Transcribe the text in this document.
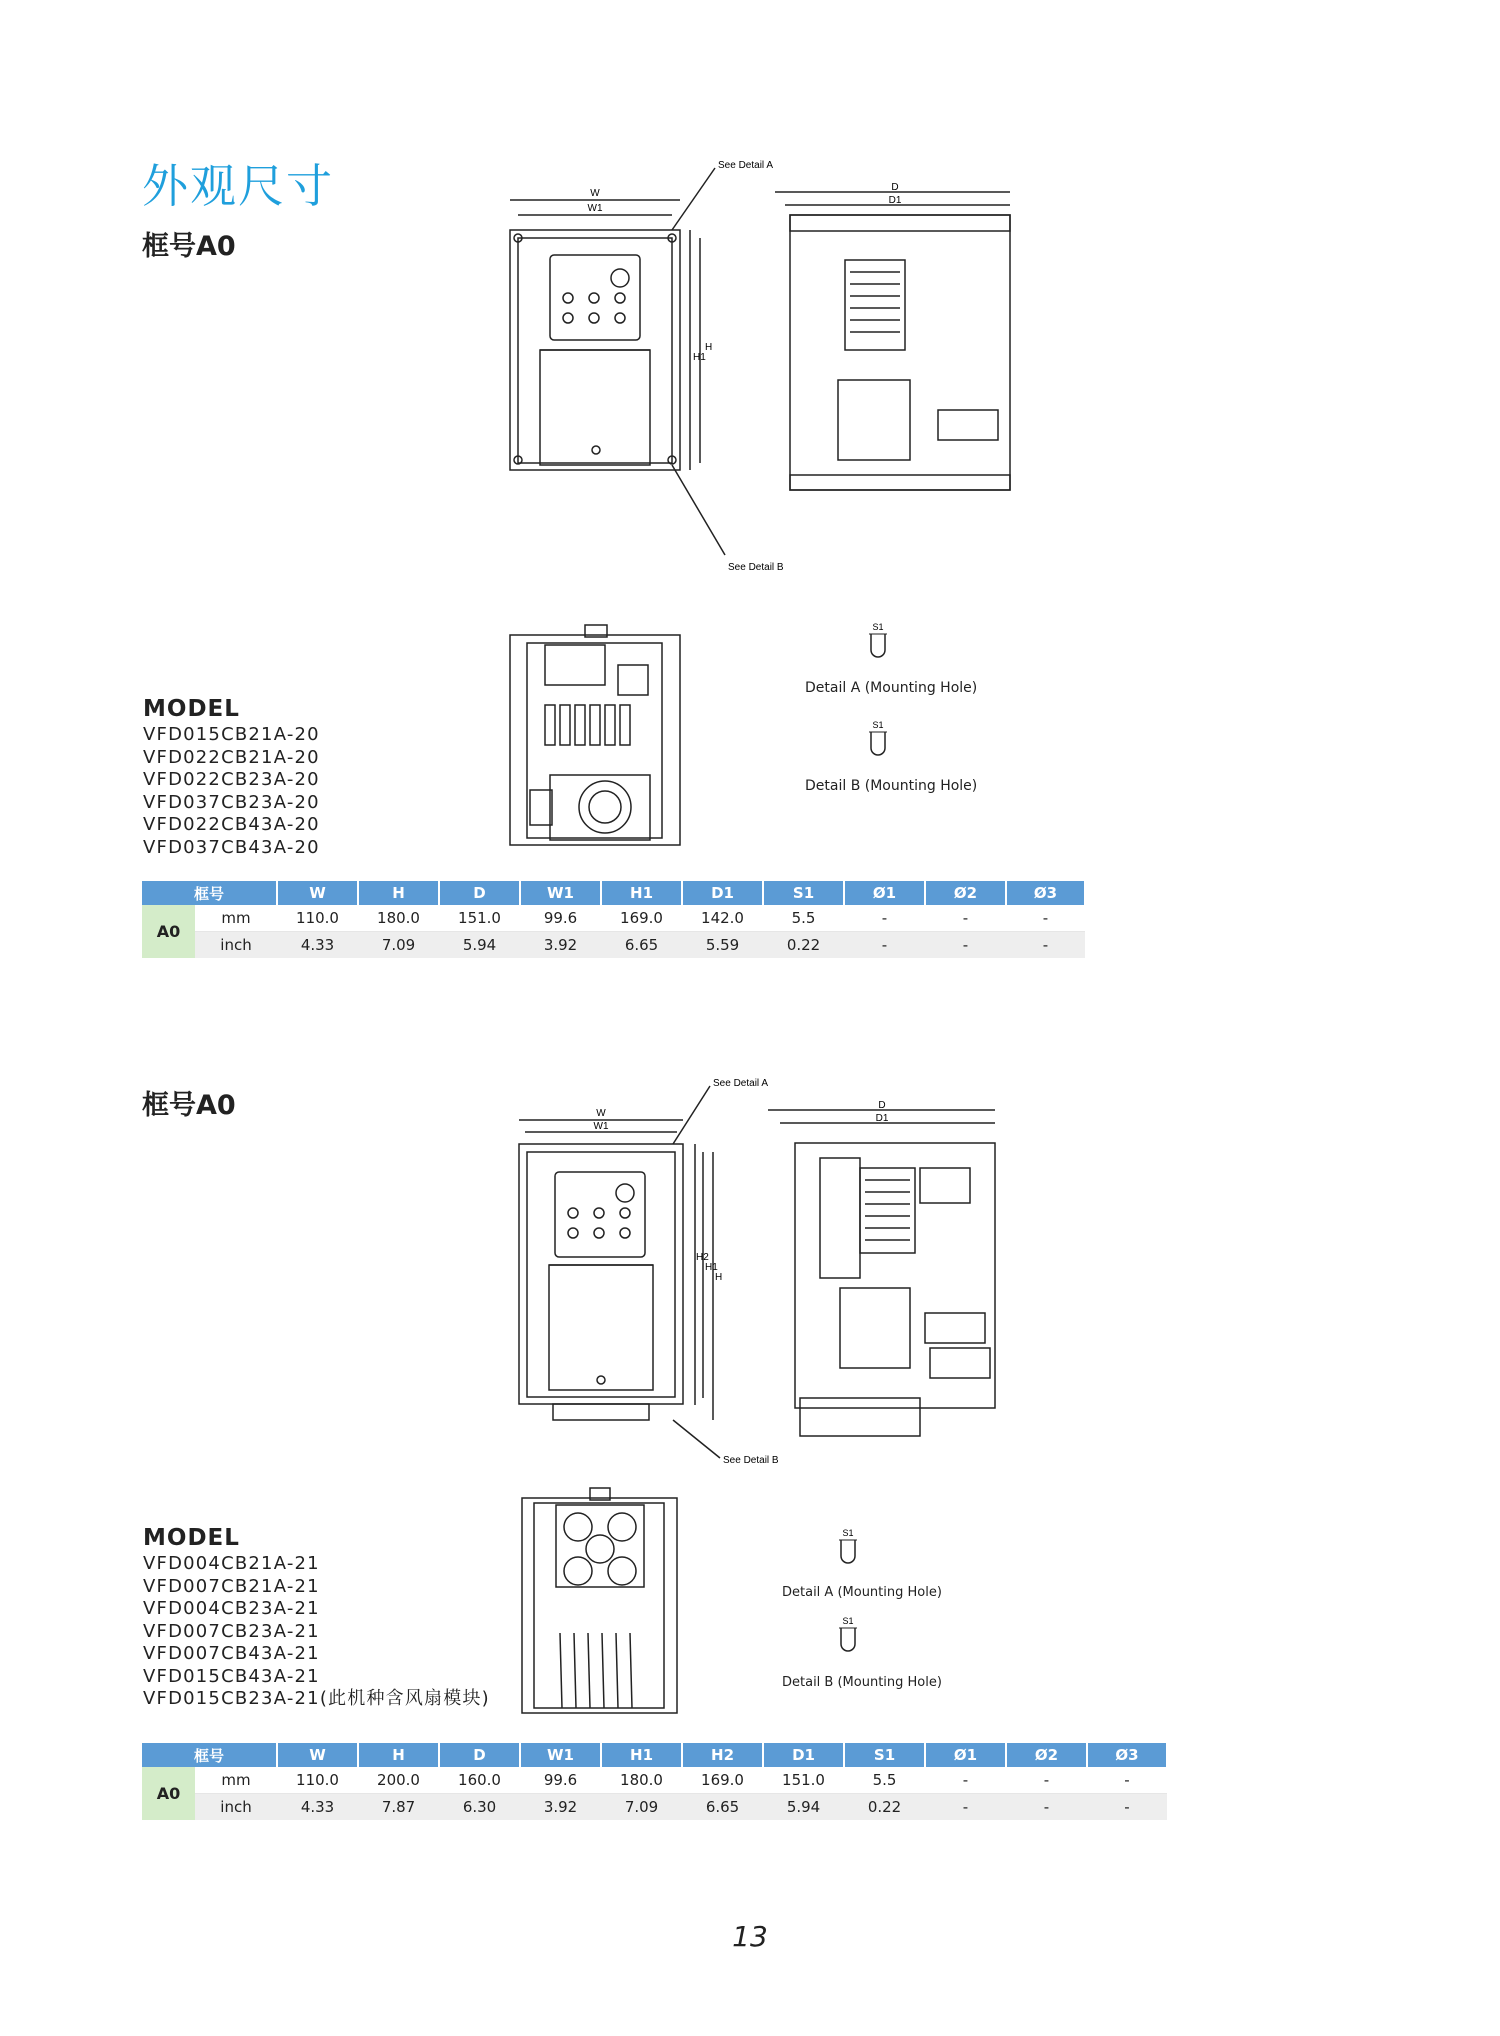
外观尺寸
框号A0
W
W1
H
H1
See Detail A
See Detail B
D
D1
S1
Detail A (Mounting Hole)
S1
Detail B (Mounting Hole)
MODEL
VFD015CB21A-20
VFD022CB21A-20
VFD022CB23A-20
VFD037CB23A-20
VFD022CB43A-20
VFD037CB43A-20
框号		W	H	D	W1	H1	D1	S1	Ø1	Ø2	Ø3
A0	mm	110.0	180.0	151.0	99.6	169.0	142.0	5.5	-	-	-
	inch	4.33	7.09	5.94	3.92	6.65	5.59	0.22	-	-	-
框号A0	W
W1
H
H1
H2
See Detail A
See Detail B
D
D1
S1
Detail A (Mounting Hole)
S1
Detail B (Mounting Hole)
MODEL
VFD004CB21A-21
VFD007CB21A-21
VFD004CB23A-21
VFD007CB23A-21
VFD007CB43A-21
VFD015CB43A-21
VFD015CB23A-21(此机种含风扇模块)
框号		W	H	D	W1	H1	H2	D1	S1	Ø1	Ø2	Ø3
A0	mm	110.0	200.0	160.0	99.6	180.0	169.0	151.0	5.5	-	-	-
	inch	4.33	7.87	6.30	3.92	7.09	6.65	5.94	0.22	-	-	-
13
